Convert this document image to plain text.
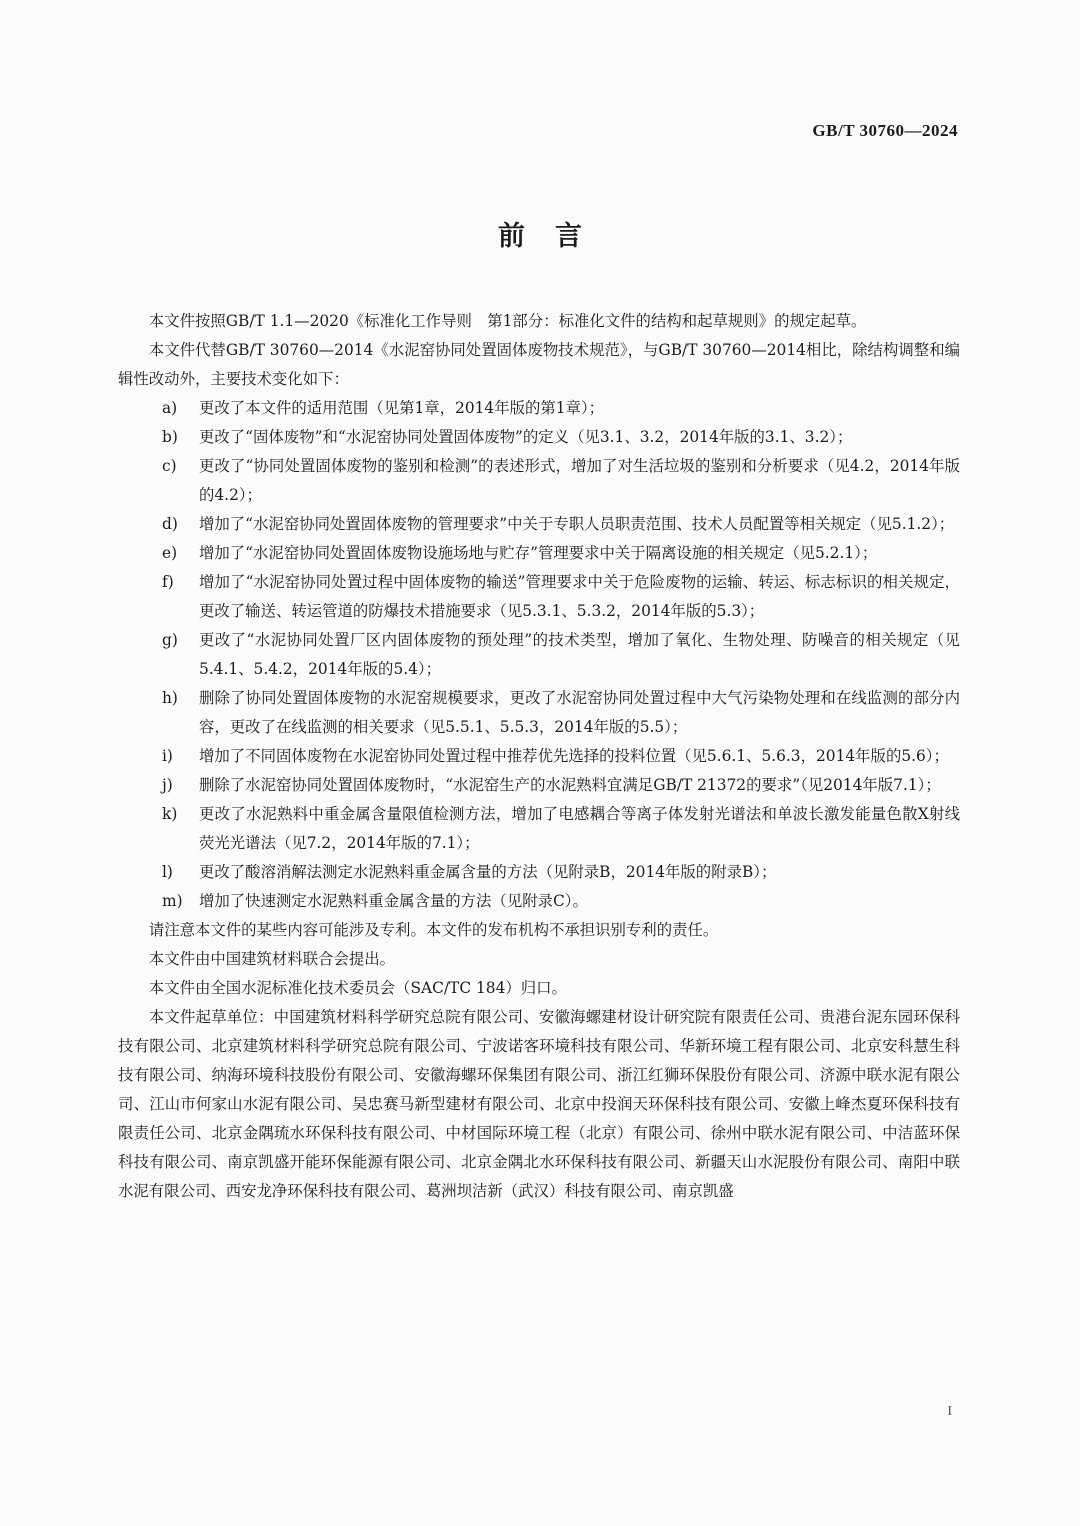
GB/T 30760—2024
前言

本文件按照GB/T 1.1—2020《标准化工作导则　第1部分：标准化文件的结构和起草规则》的规定起草。

本文件代替GB/T 30760—2014《水泥窑协同处置固体废物技术规范》，与GB/T 30760—2014相比，除结构调整和编辑性改动外，主要技术变化如下：

a) 更改了本文件的适用范围（见第1章，2014年版的第1章）；
b) 更改了“固体废物”和“水泥窑协同处置固体废物”的定义（见3.1、3.2，2014年版的3.1、3.2）；
c) 更改了“协同处置固体废物的鉴别和检测”的表述形式，增加了对生活垃圾的鉴别和分析要求（见4.2，2014年版的4.2）；
d) 增加了“水泥窑协同处置固体废物的管理要求”中关于专职人员职责范围、技术人员配置等相关规定（见5.1.2）；
e) 增加了“水泥窑协同处置固体废物设施场地与贮存”管理要求中关于隔离设施的相关规定（见5.2.1）；
f) 增加了“水泥窑协同处置过程中固体废物的输送”管理要求中关于危险废物的运输、转运、标志标识的相关规定，更改了输送、转运管道的防爆技术措施要求（见5.3.1、5.3.2，2014年版的5.3）；
g) 更改了“水泥协同处置厂区内固体废物的预处理”的技术类型，增加了氧化、生物处理、防噪音的相关规定（见5.4.1、5.4.2，2014年版的5.4）；
h) 删除了协同处置固体废物的水泥窑规模要求，更改了水泥窑协同处置过程中大气污染物处理和在线监测的部分内容，更改了在线监测的相关要求（见5.5.1、5.5.3，2014年版的5.5）；
i) 增加了不同固体废物在水泥窑协同处置过程中推荐优先选择的投料位置（见5.6.1、5.6.3，2014年版的5.6）；
j) 删除了水泥窑协同处置固体废物时，“水泥窑生产的水泥熟料宜满足GB/T 21372的要求”（见2014年版7.1）；
k) 更改了水泥熟料中重金属含量限值检测方法，增加了电感耦合等离子体发射光谱法和单波长激发能量色散X射线荧光光谱法（见7.2，2014年版的7.1）；
l) 更改了酸溶消解法测定水泥熟料重金属含量的方法（见附录B，2014年版的附录B）；
m) 增加了快速测定水泥熟料重金属含量的方法（见附录C）。

请注意本文件的某些内容可能涉及专利。本文件的发布机构不承担识别专利的责任。

本文件由中国建筑材料联合会提出。

本文件由全国水泥标准化技术委员会（SAC/TC 184）归口。

本文件起草单位：中国建筑材料科学研究总院有限公司、安徽海螺建材设计研究院有限责任公司、贵港台泥东园环保科技有限公司、北京建筑材料科学研究总院有限公司、宁波诺客环境科技有限公司、华新环境工程有限公司、北京安科慧生科技有限公司、纳海环境科技股份有限公司、安徽海螺环保集团有限公司、浙江红狮环保股份有限公司、济源中联水泥有限公司、江山市何家山水泥有限公司、吴忠赛马新型建材有限公司、北京中投润天环保科技有限公司、安徽上峰杰夏环保科技有限责任公司、北京金隅琉水环保科技有限公司、中材国际环境工程（北京）有限公司、徐州中联水泥有限公司、中洁蓝环保科技有限公司、南京凯盛开能环保能源有限公司、北京金隅北水环保科技有限公司、新疆天山水泥股份有限公司、南阳中联水泥有限公司、西安龙净环保科技有限公司、葛洲坝洁新（武汉）科技有限公司、南京凯盛

I
